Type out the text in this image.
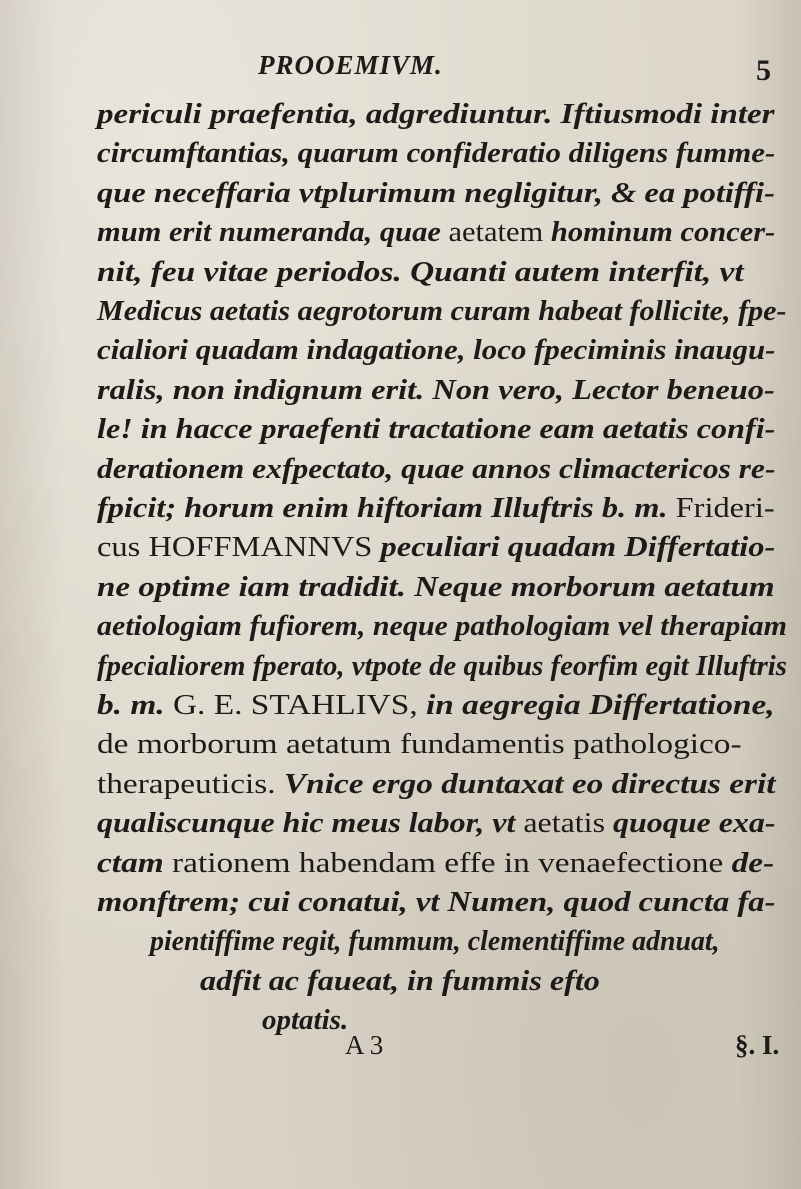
PROOEMIVM.	5
periculi praefentia, adgrediuntur. Iftiusmodi inter
circumftantias, quarum confideratio diligens fumme-
que neceffaria vtplurimum negligitur, & ea potiffi-
mum erit numeranda, quae aetatem hominum concer-
nit, feu vitae periodos. Quanti autem interfit, vt
Medicus aetatis aegrotorum curam habeat follicite, fpe-
cialiori quadam indagatione, loco fpeciminis inaugu-
ralis, non indignum erit. Non vero, Lector beneuo-
le! in hacce praefenti tractatione eam aetatis confi-
derationem exfpectato, quae annos climactericos re-
fpicit; horum enim hiftoriam Illuftris b. m. Frideri-
cus HOFFMANNVS peculiari quadam Differtatio-
ne optime iam tradidit. Neque morborum aetatum
aetiologiam fufiorem, neque pathologiam vel therapiam
fpecialiorem fperato, vtpote de quibus feorfim egit Illuftris
b. m. G. E. STAHLIVS, in aegregia Differtatione,
de morborum aetatum fundamentis pathologico-
therapeuticis. Vnice ergo duntaxat eo directus erit
qualiscunque hic meus labor, vt aetatis quoque exa-
ctam rationem habendam effe in venaefectione de-
monftrem; cui conatui, vt Numen, quod cuncta fa-
pientiffime regit, fummum, clementiffime adnuat,
adfit ac faueat, in fummis efto
optatis.
A 3	§. I.
